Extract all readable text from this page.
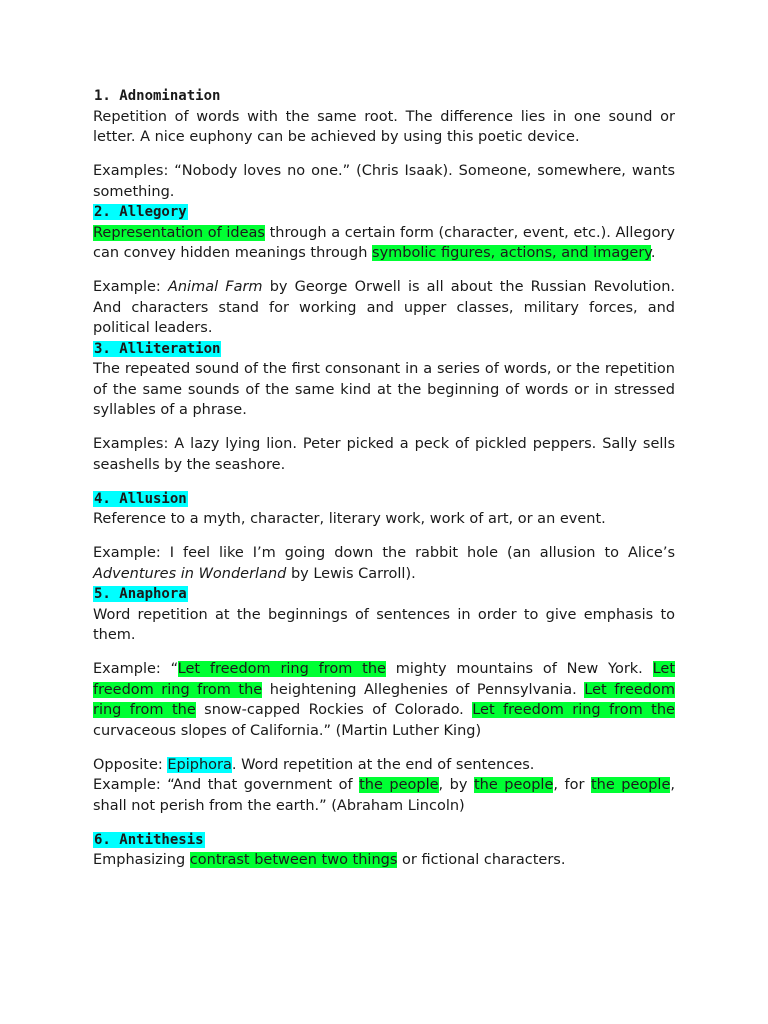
1. Adnomination

Repetition of words with the same root. The difference lies in one sound or letter. A nice euphony can be achieved by using this poetic device.

Examples: “Nobody loves no one.” (Chris Isaak). Someone, somewhere, wants something.

2. Allegory

Representation of ideas through a certain form (character, event, etc.). Allegory can convey hidden meanings through symbolic figures, actions, and imagery.

Example: Animal Farm by George Orwell is all about the Russian Revolution. And characters stand for working and upper classes, military forces, and political leaders.

3. Alliteration

The repeated sound of the first consonant in a series of words, or the repetition of the same sounds of the same kind at the beginning of words or in stressed syllables of a phrase.

Examples: A lazy lying lion. Peter picked a peck of pickled peppers. Sally sells seashells by the seashore.

4. Allusion

Reference to a myth, character, literary work, work of art, or an event.

Example: I feel like I’m going down the rabbit hole (an allusion to Alice’s Adventures in Wonderland by Lewis Carroll).

5. Anaphora

Word repetition at the beginnings of sentences in order to give emphasis to them.

Example: “Let freedom ring from the mighty mountains of New York. Let freedom ring from the heightening Alleghenies of Pennsylvania. Let freedom ring from the snow-capped Rockies of Colorado. Let freedom ring from the curvaceous slopes of California.” (Martin Luther King)

Opposite: Epiphora. Word repetition at the end of sentences.

Example: “And that government of the people, by the people, for the people, shall not perish from the earth.” (Abraham Lincoln)

6. Antithesis

Emphasizing contrast between two things or fictional characters.
